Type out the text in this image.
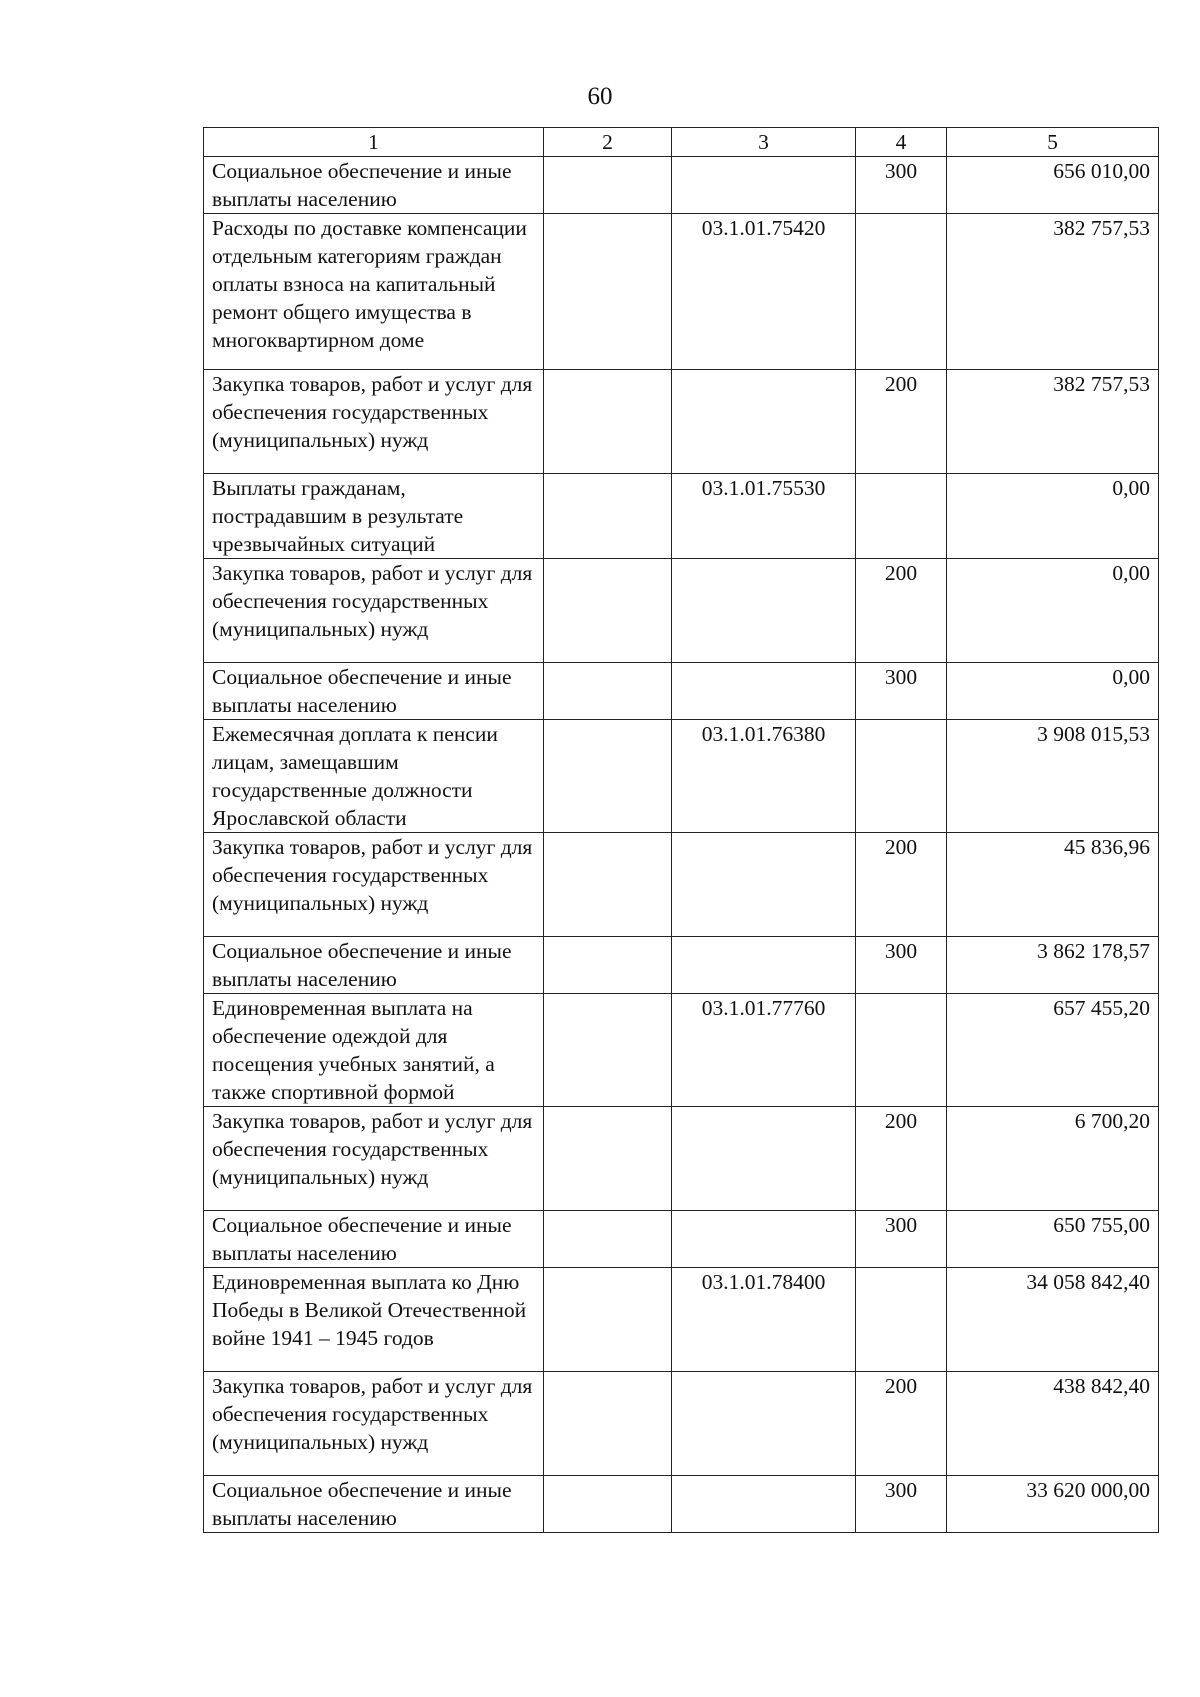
60
1	2	3	4	5
Социальное обеспечение и иные выплаты населению			300	656 010,00
Расходы по доставке компенсации отдельным категориям граждан оплаты взноса на капитальный ремонт общего имущества в многоквартирном доме		03.1.01.75420		382 757,53
Закупка товаров, работ и услуг для обеспечения государственных (муниципальных) нужд			200	382 757,53
Выплаты гражданам, пострадавшим в результате чрезвычайных ситуаций		03.1.01.75530		0,00
Закупка товаров, работ и услуг для обеспечения государственных (муниципальных) нужд			200	0,00
Социальное обеспечение и иные выплаты населению			300	0,00
Ежемесячная доплата к пенсии лицам, замещавшим государственные должности Ярославской области		03.1.01.76380		3 908 015,53
Закупка товаров, работ и услуг для обеспечения государственных (муниципальных) нужд			200	45 836,96
Социальное обеспечение и иные выплаты населению			300	3 862 178,57
Единовременная выплата на обеспечение одеждой для посещения учебных занятий, а также спортивной формой		03.1.01.77760		657 455,20
Закупка товаров, работ и услуг для обеспечения государственных (муниципальных) нужд			200	6 700,20
Социальное обеспечение и иные выплаты населению			300	650 755,00
Единовременная выплата ко Дню Победы в Великой Отечественной войне 1941 – 1945 годов		03.1.01.78400		34 058 842,40
Закупка товаров, работ и услуг для обеспечения государственных (муниципальных) нужд			200	438 842,40
Социальное обеспечение и иные выплаты населению			300	33 620 000,00
